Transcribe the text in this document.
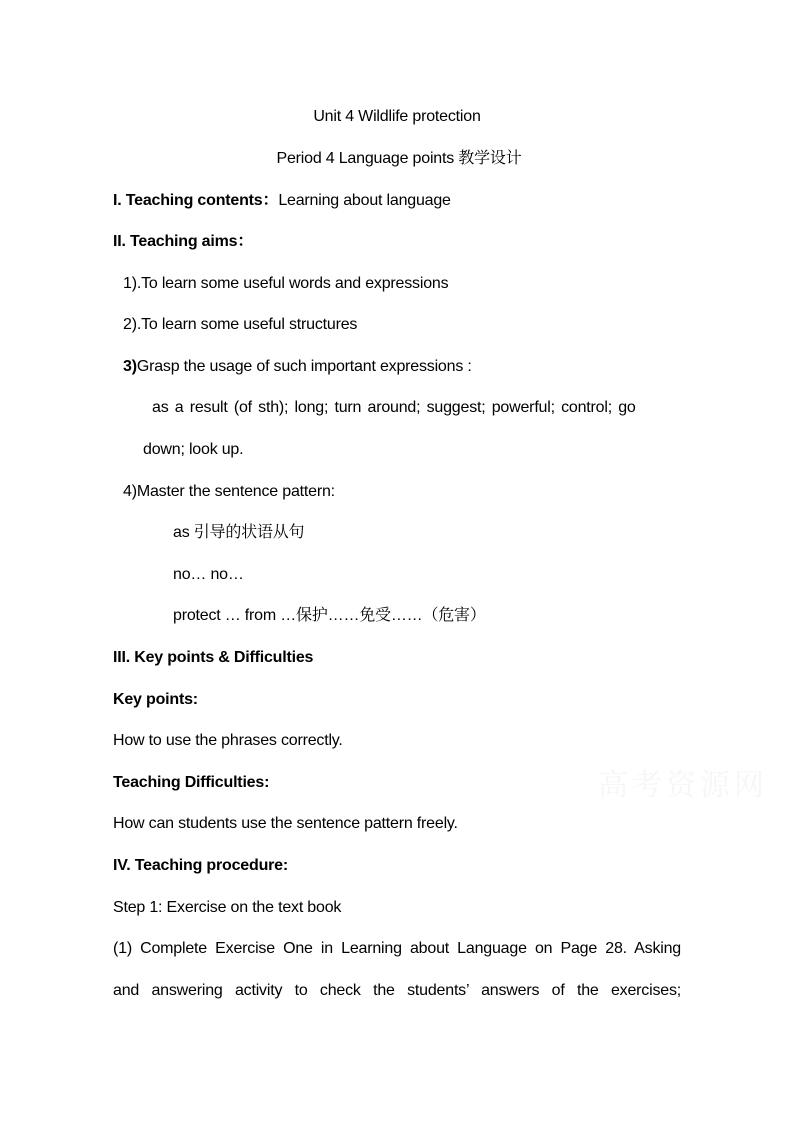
高考资源网
Unit 4 Wildlife protection
Period 4 Language points 教学设计
I. Teaching contents：Learning about language
II. Teaching aims：
1).To learn some useful words and expressions
2).To learn some useful structures
3)Grasp the usage of such important expressions :
as a result (of sth); long; turn around; suggest; powerful; control; go
down; look up.
4)Master the sentence pattern:
as 引导的状语从句
no… no…
protect … from …保护……免受……（危害）
III. Key points & Difficulties
Key points:
How to use the phrases correctly.
Teaching Difficulties:
How can students use the sentence pattern freely.
IV. Teaching procedure:
Step 1: Exercise on the text book
(1) Complete Exercise One in Learning about Language on Page 28. Asking
and answering activity to check the students’ answers of the exercises;
